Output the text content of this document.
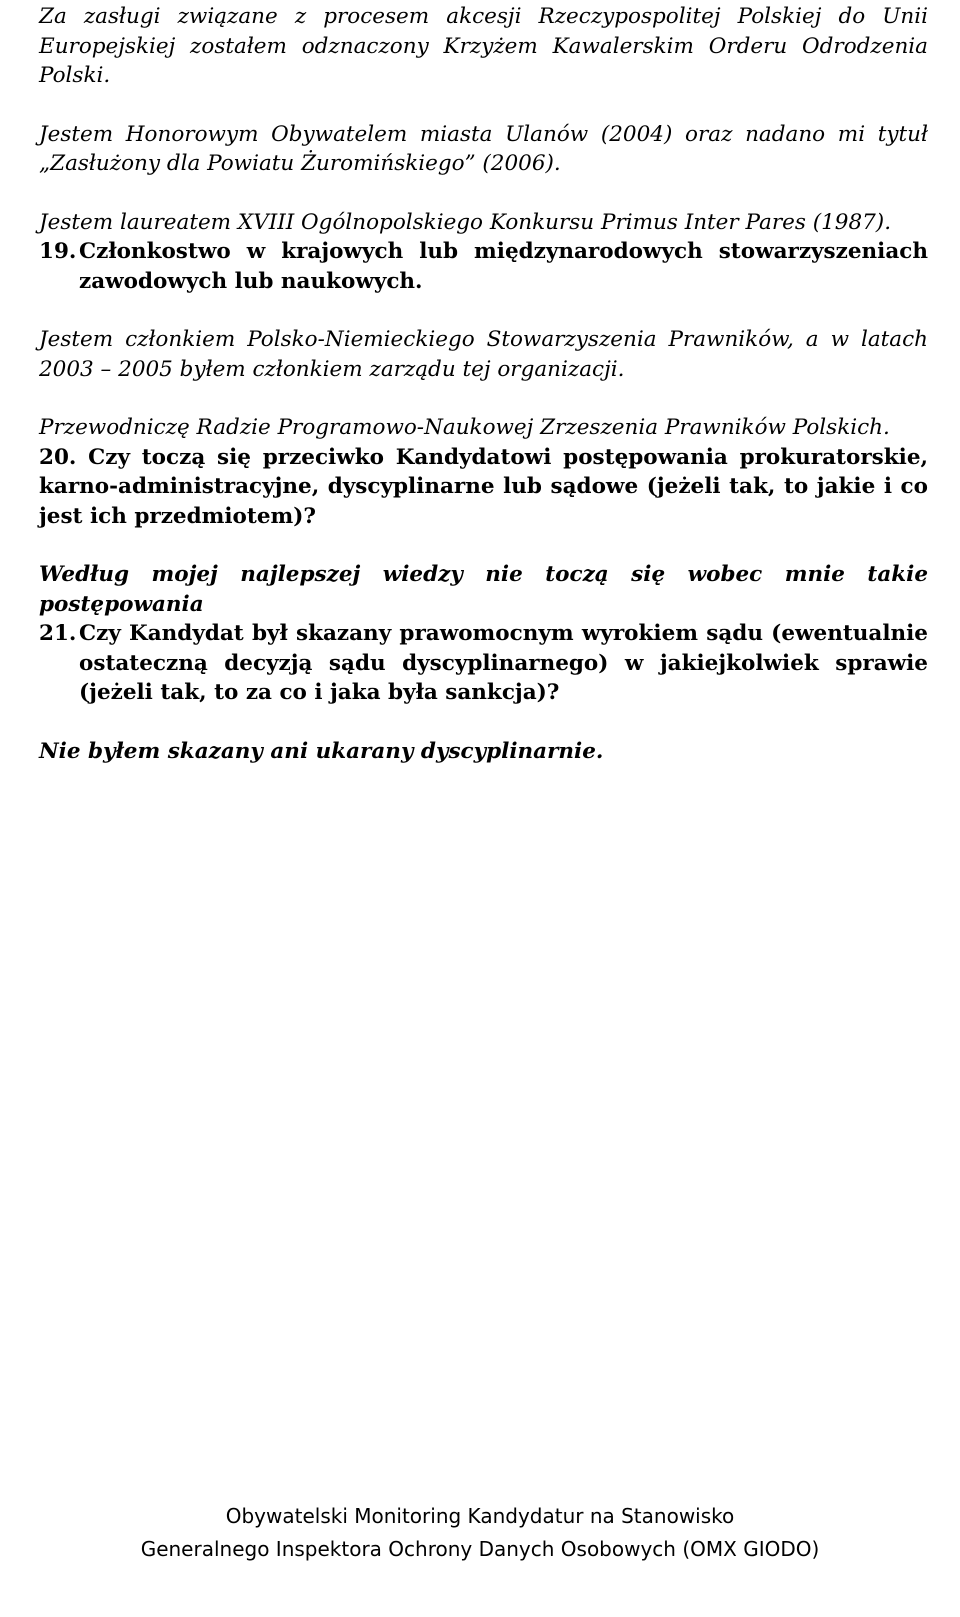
Za zasługi związane z procesem akcesji Rzeczypospolitej Polskiej do Unii Europejskiej zostałem odznaczony Krzyżem Kawalerskim Orderu Odrodzenia Polski.

Jestem Honorowym Obywatelem miasta Ulanów (2004) oraz nadano mi tytuł „Zasłużony dla Powiatu Żuromińskiego” (2006).

Jestem laureatem XVIII Ogólnopolskiego Konkursu Primus Inter Pares (1987).

19. Członkostwo w krajowych lub międzynarodowych stowarzyszeniach zawodowych lub naukowych.

Jestem członkiem Polsko-Niemieckiego Stowarzyszenia Prawników, a w latach 2003 – 2005 byłem członkiem zarządu tej organizacji.

Przewodniczę Radzie Programowo-Naukowej Zrzeszenia Prawników Polskich.

20. Czy toczą się przeciwko Kandydatowi postępowania prokuratorskie, karno-administracyjne, dyscyplinarne lub sądowe (jeżeli tak, to jakie i co jest ich przedmiotem)?

Według mojej najlepszej wiedzy nie toczą się wobec mnie takie postępowania

21. Czy Kandydat był skazany prawomocnym wyrokiem sądu (ewentualnie ostateczną decyzją sądu dyscyplinarnego) w jakiejkolwiek sprawie (jeżeli tak, to za co i jaka była sankcja)?

Nie byłem skazany ani ukarany dyscyplinarnie.

Obywatelski Monitoring Kandydatur na Stanowisko
Generalnego Inspektora Ochrony Danych Osobowych (OMX GIODO)
